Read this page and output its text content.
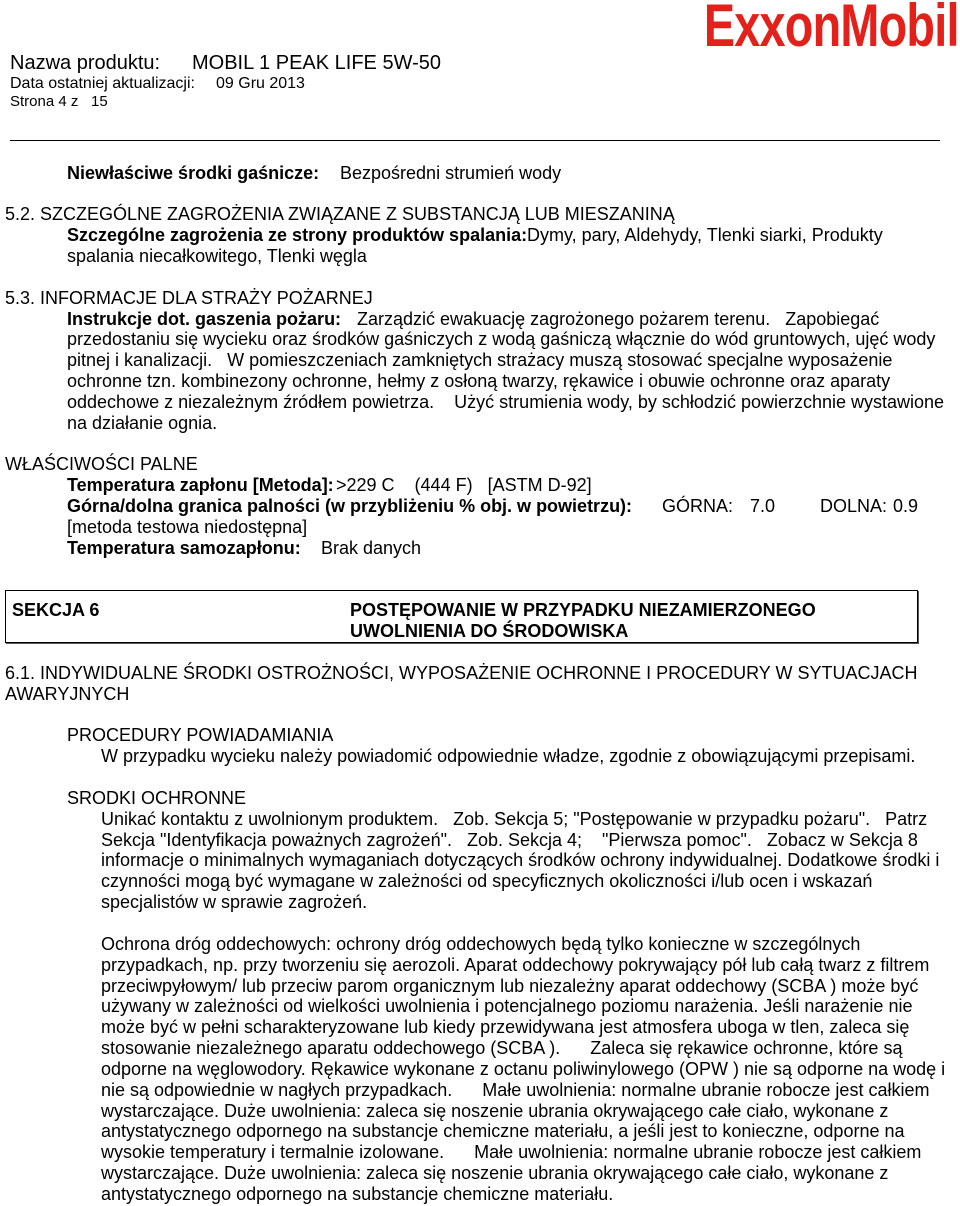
Nazwa produktu: MOBIL 1 PEAK LIFE 5W-50
Data ostatniej aktualizacji: 09 Gru 2013
Strona 4 z 15
ExxonMobil
Niewłaściwe środki gaśnicze: Bezpośredni strumień wody
5.2. SZCZEGÓLNE ZAGROŻENIA ZWIĄZANE Z SUBSTANCJĄ LUB MIESZANINĄ
Szczególne zagrożenia ze strony produktów spalania: Dymy, pary, Aldehydy, Tlenki siarki, Produkty
spalania niecałkowitego, Tlenki węgla
5.3. INFORMACJE DLA STRAŻY POŻARNEJ
Instrukcje dot. gaszenia pożaru: Zarządzić ewakuację zagrożonego pożarem terenu.   Zapobiegać
przedostaniu się wycieku oraz środków gaśniczych z wodą gaśniczą włącznie do wód gruntowych, ujęć wody
pitnej i kanalizacji.   W pomieszczeniach zamkniętych strażacy muszą stosować specjalne wyposażenie
ochronne tzn. kombinezony ochronne, hełmy z osłoną twarzy, rękawice i obuwie ochronne oraz aparaty
oddechowe z niezależnym źródłem powietrza.    Użyć strumienia wody, by schłodzić powierzchnie wystawione
na działanie ognia.
WŁAŚCIWOŚCI PALNE
Temperatura zapłonu [Metoda]: >229 C    (444 F)   [ASTM D-92]
Górna/dolna granica palności (w przybliżeniu % obj. w powietrzu): GÓRNA: 7.0 DOLNA: 0.9
[metoda testowa niedostępna]
Temperatura samozapłonu: Brak danych
SEKCJA 6	POSTĘPOWANIE W PRZYPADKU NIEZAMIERZONEGO
UWOLNIENIA DO ŚRODOWISKA
6.1. INDYWIDUALNE ŚRODKI OSTROŻNOŚCI, WYPOSAŻENIE OCHRONNE I PROCEDURY W SYTUACJACH
AWARYJNYCH
PROCEDURY POWIADAMIANIA
W przypadku wycieku należy powiadomić odpowiednie władze, zgodnie z obowiązującymi przepisami.
SRODKI OCHRONNE
Unikać kontaktu z uwolnionym produktem.   Zob. Sekcja 5; "Postępowanie w przypadku pożaru".   Patrz
Sekcja "Identyfikacja poważnych zagrożeń".   Zob. Sekcja 4;    "Pierwsza pomoc".   Zobacz w Sekcja 8
informacje o minimalnych wymaganiach dotyczących środków ochrony indywidualnej. Dodatkowe środki i
czynności mogą być wymagane w zależności od specyficznych okoliczności i/lub ocen i wskazań
specjalistów w sprawie zagrożeń.
Ochrona dróg oddechowych: ochrony dróg oddechowych będą tylko konieczne w szczególnych
przypadkach, np. przy tworzeniu się aerozoli. Aparat oddechowy pokrywający pół lub całą twarz z filtrem
przeciwpyłowym/ lub przeciw parom organicznym lub niezależny aparat oddechowy (SCBA ) może być
używany w zależności od wielkości uwolnienia i potencjalnego poziomu narażenia. Jeśli narażenie nie
może być w pełni scharakteryzowane lub kiedy przewidywana jest atmosfera uboga w tlen, zaleca się
stosowanie niezależnego aparatu oddechowego (SCBA ).      Zaleca się rękawice ochronne, które są
odporne na węglowodory. Rękawice wykonane z octanu poliwinylowego (OPW ) nie są odporne na wodę i
nie są odpowiednie w nagłych przypadkach.      Małe uwolnienia: normalne ubranie robocze jest całkiem
wystarczające. Duże uwolnienia: zaleca się noszenie ubrania okrywającego całe ciało, wykonane z
antystatycznego odpornego na substancje chemiczne materiału, a jeśli jest to konieczne, odporne na
wysokie temperatury i termalnie izolowane.      Małe uwolnienia: normalne ubranie robocze jest całkiem
wystarczające. Duże uwolnienia: zaleca się noszenie ubrania okrywającego całe ciało, wykonane z
antystatycznego odpornego na substancje chemiczne materiału.
